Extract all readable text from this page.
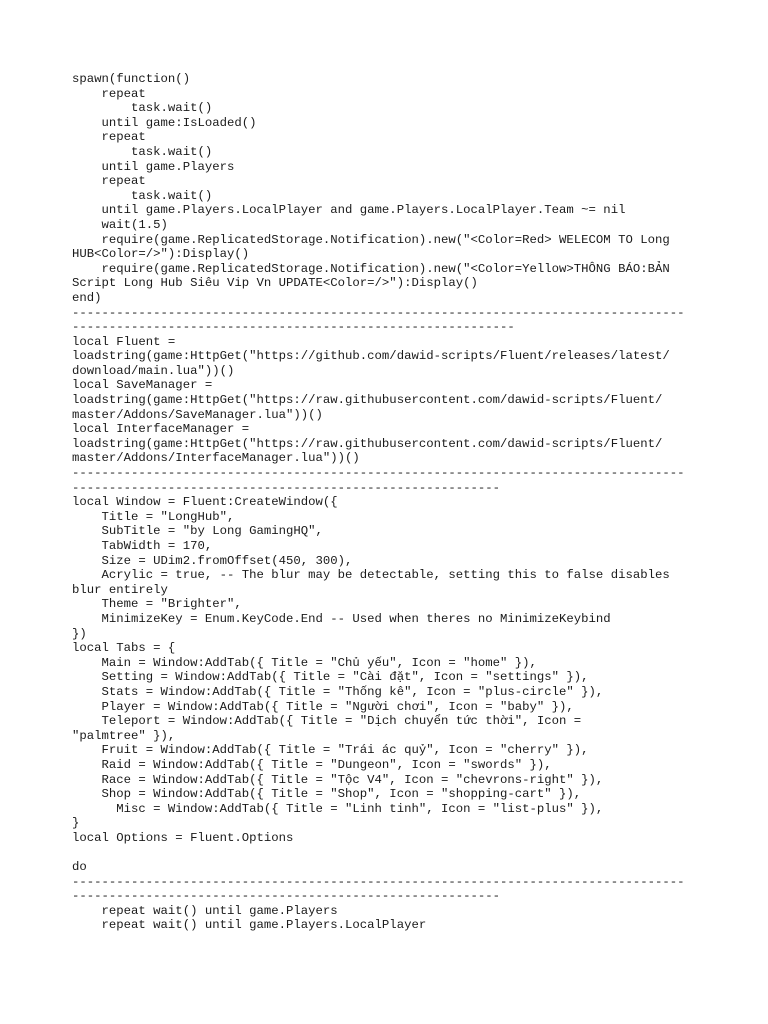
spawn(function()
repeat
task.wait()
until game:IsLoaded()
repeat
task.wait()
until game.Players
repeat
task.wait()
until game.Players.LocalPlayer and game.Players.LocalPlayer.Team ~= nil
wait(1.5)
require(game.ReplicatedStorage.Notification).new("<Color=Red> WELECOM TO Long
HUB<Color=/>"):Display()
require(game.ReplicatedStorage.Notification).new("<Color=Yellow>THÔNG BÁO:BẢN
Script Long Hub Siêu Vip Vn UPDATE<Color=/>"):Display()
end)
-----------------------------------------------------------------------------------
------------------------------------------------------------
local Fluent =
loadstring(game:HttpGet("https://github.com/dawid-scripts/Fluent/releases/latest/
download/main.lua"))()
local SaveManager =
loadstring(game:HttpGet("https://raw.githubusercontent.com/dawid-scripts/Fluent/
master/Addons/SaveManager.lua"))()
local InterfaceManager =
loadstring(game:HttpGet("https://raw.githubusercontent.com/dawid-scripts/Fluent/
master/Addons/InterfaceManager.lua"))()
-----------------------------------------------------------------------------------
----------------------------------------------------------
local Window = Fluent:CreateWindow({
Title = "LongHub",
SubTitle = "by Long GamingHQ",
TabWidth = 170,
Size = UDim2.fromOffset(450, 300),
Acrylic = true, -- The blur may be detectable, setting this to false disables
blur entirely
Theme = "Brighter",
MinimizeKey = Enum.KeyCode.End -- Used when theres no MinimizeKeybind
})
local Tabs = {
Main = Window:AddTab({ Title = "Chủ yếu", Icon = "home" }),
Setting = Window:AddTab({ Title = "Cài đặt", Icon = "settings" }),
Stats = Window:AddTab({ Title = "Thống kê", Icon = "plus-circle" }),
Player = Window:AddTab({ Title = "Người chơi", Icon = "baby" }),
Teleport = Window:AddTab({ Title = "Dịch chuyển tức thời", Icon =
"palmtree" }),
Fruit = Window:AddTab({ Title = "Trái ác quỷ", Icon = "cherry" }),
Raid = Window:AddTab({ Title = "Dungeon", Icon = "swords" }),
Race = Window:AddTab({ Title = "Tộc V4", Icon = "chevrons-right" }),
Shop = Window:AddTab({ Title = "Shop", Icon = "shopping-cart" }),
Misc = Window:AddTab({ Title = "Linh tinh", Icon = "list-plus" }),
}
local Options = Fluent.Options
do
-----------------------------------------------------------------------------------
----------------------------------------------------------
repeat wait() until game.Players
repeat wait() until game.Players.LocalPlayer
